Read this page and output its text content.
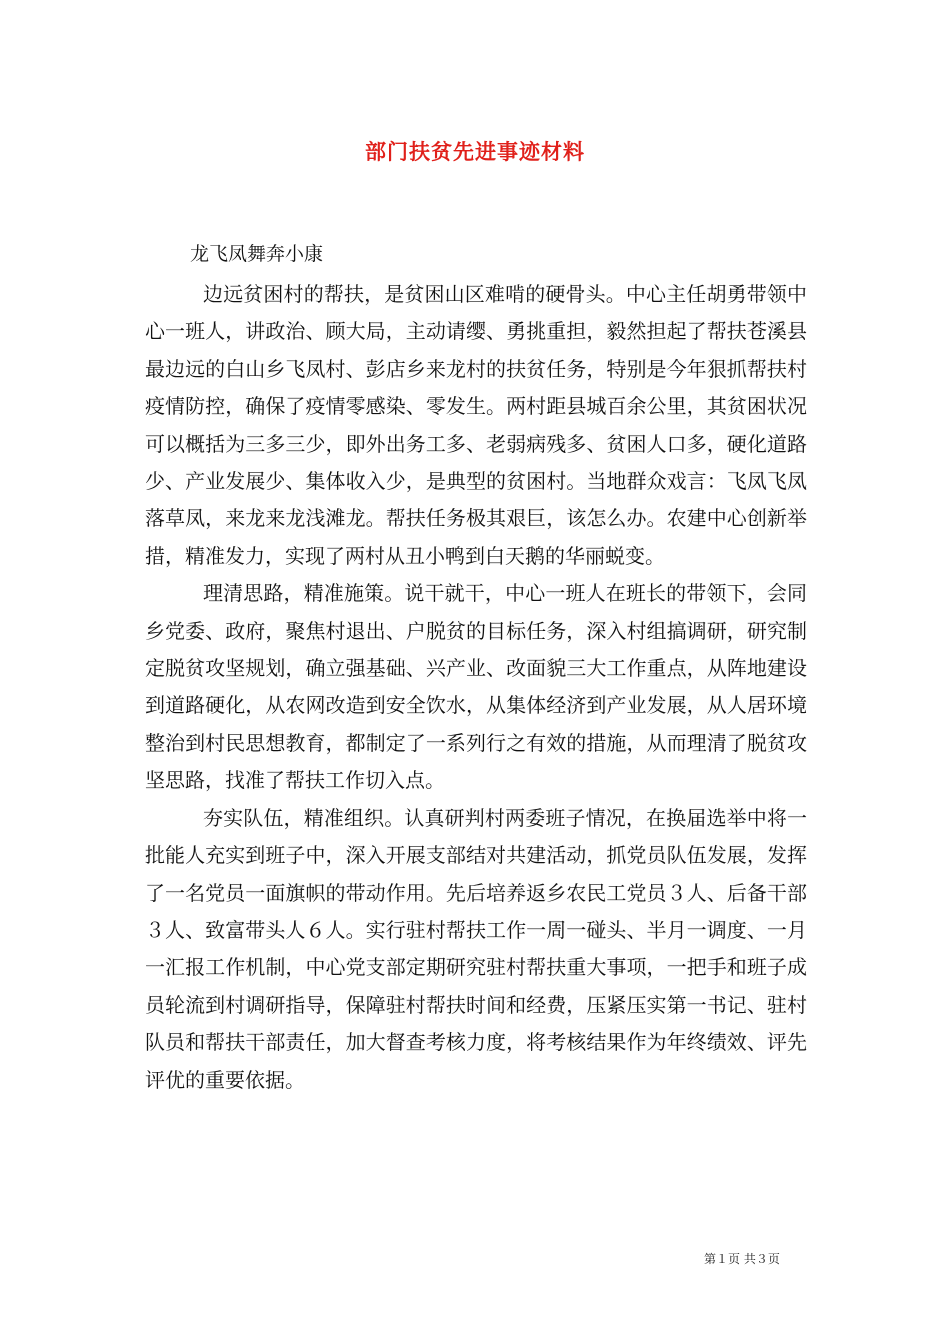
部门扶贫先进事迹材料

龙飞凤舞奔小康

边远贫困村的帮扶，是贫困山区难啃的硬骨头。中心主任胡勇带领中心一班人，讲政治、顾大局，主动请缨、勇挑重担，毅然担起了帮扶苍溪县最边远的白山乡飞凤村、彭店乡来龙村的扶贫任务，特别是今年狠抓帮扶村疫情防控，确保了疫情零感染、零发生。两村距县城百余公里，其贫困状况可以概括为三多三少，即外出务工多、老弱病残多、贫困人口多，硬化道路少、产业发展少、集体收入少，是典型的贫困村。当地群众戏言：飞凤飞凤落草凤，来龙来龙浅滩龙。帮扶任务极其艰巨，该怎么办。农建中心创新举措，精准发力，实现了两村从丑小鸭到白天鹅的华丽蜕变。

理清思路，精准施策。说干就干，中心一班人在班长的带领下，会同乡党委、政府，聚焦村退出、户脱贫的目标任务，深入村组搞调研，研究制定脱贫攻坚规划，确立强基础、兴产业、改面貌三大工作重点，从阵地建设到道路硬化，从农网改造到安全饮水，从集体经济到产业发展，从人居环境整治到村民思想教育，都制定了一系列行之有效的措施，从而理清了脱贫攻坚思路，找准了帮扶工作切入点。

夯实队伍，精准组织。认真研判村两委班子情况，在换届选举中将一批能人充实到班子中，深入开展支部结对共建活动，抓党员队伍发展，发挥了一名党员一面旗帜的带动作用。先后培养返乡农民工党员３人、后备干部３人、致富带头人６人。实行驻村帮扶工作一周一碰头、半月一调度、一月一汇报工作机制，中心党支部定期研究驻村帮扶重大事项，一把手和班子成员轮流到村调研指导，保障驻村帮扶时间和经费，压紧压实第一书记、驻村队员和帮扶干部责任，加大督查考核力度，将考核结果作为年终绩效、评先评优的重要依据。

第１页 共３页
